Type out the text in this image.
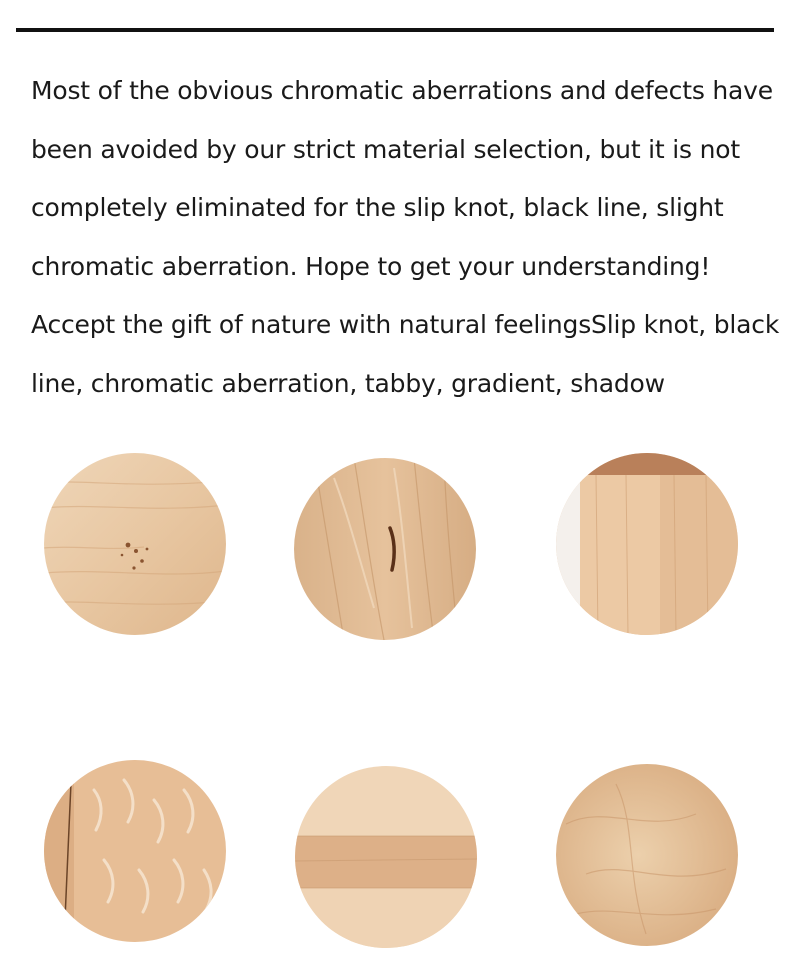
Most of the obvious chromatic aberrations and defects have
been avoided by our strict material selection, but it is not
completely eliminated for the slip knot, black line, slight
chromatic aberration. Hope to get your understanding!
Accept the gift of nature with natural feelingsSlip knot, black
line, chromatic aberration, tabby, gradient, shadow
